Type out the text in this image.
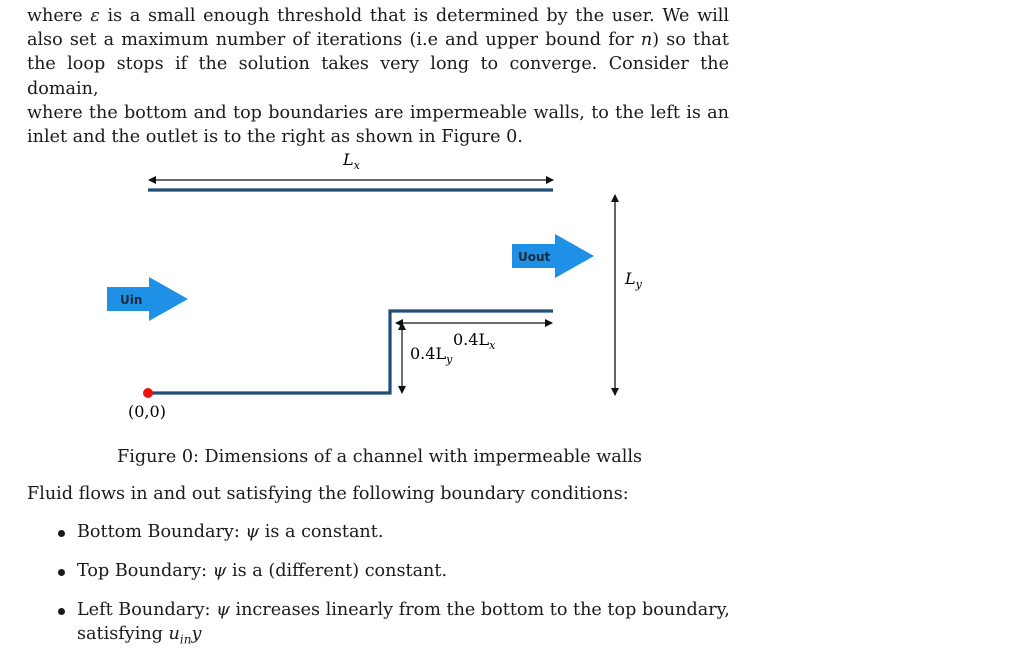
where ε is a small enough threshold that is determined by the user. We will
also set a maximum number of iterations (i.e and upper bound for n) so that
the loop stops if the solution takes very long to converge. Consider the domain,
where the bottom and top boundaries are impermeable walls, to the left is an
inlet and the outlet is to the right as shown in Figure 0.
$L_x$
$L_y$
Uout
Uin
$0.4L_x$
$0.4L_y$
(0,0)
Figure 0: Dimensions of a channel with impermeable walls
Fluid flows in and out satisfying the following boundary conditions:
Bottom Boundary: ψ is a constant.
Top Boundary: ψ is a (different) constant.
Left Boundary: ψ increases linearly from the bottom to the top boundary,
satisfying $u_{in}y$
